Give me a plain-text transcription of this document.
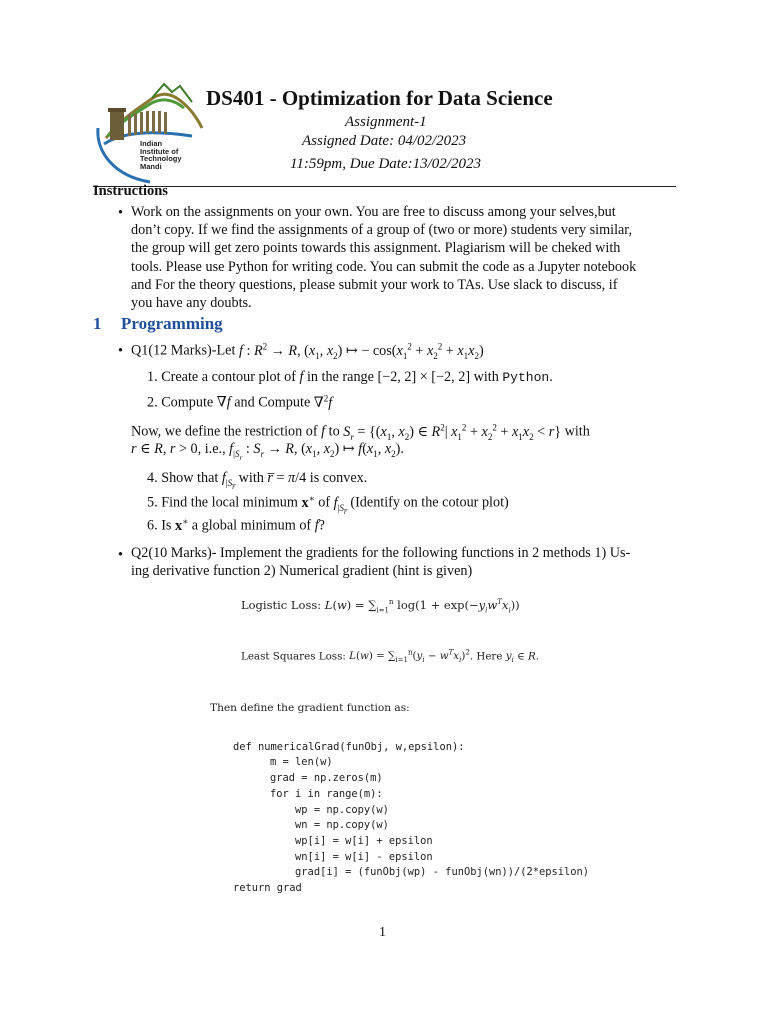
Indian
Institute of
Technology
Mandi
DS401 - Optimization for Data Science
Assignment-1
Assigned Date: 04/02/2023
11:59pm, Due Date:13/02/2023
Instructions
• Work on the assignments on your own. You are free to discuss among your selves,but
don’t copy. If we find the assignments of a group of (two or more) students very similar,
the group will get zero points towards this assignment. Plagiarism will be cheked with
tools. Please use Python for writing code. You can submit the code as a Jupyter notebook
and For the theory questions, please submit your work to TAs. Use slack to discuss, if
you have any doubts.
1 Programming
• Q1(12 Marks)-Let f : $R^2 \to R$, ($x_1$, $x_2$) ↦ − $\cos(x_1^2 + x_2^2 + x_1x_2)$
1. Create a contour plot of f in the range [−2, 2] × [−2, 2] with Python.
2. Compute ∇f and Compute ∇$^2$f
Now, we define the restriction of f to $S_r = \{(x_1$, $x_2$) ∈ $R^2|$ $x_1^2 + x_2^2 + x_1x_2 < r$} with
r ∈ R, r > 0, i.e., $f_{|S_r}$ : $S_r \to R$, ($x_1$, $x_2$) ↦ $f(x_1$, $x_2$).
4. Show that $f_{|S_{r̅}}$ with r̅ = π/4 is convex.
5. Find the local minimum x∗ of $f_{|S_{r̅}}$ (Identify on the cotour plot)
6. Is x∗ a global minimum of f?
• Q2(10 Marks)- Implement the gradients for the following functions in 2 methods 1) Us-
ing derivative function 2) Numerical gradient (hint is given)
Logistic Loss: $L(w) = \sum_{i=1}^n$ $\log(1 + \exp(-y_iw^Tx_i))$
Least Squares Loss: $L(w) = \sum_{i=1}^n(y_i - w^Tx_i)^2$. Here $y_i$ ∈ R.
Then define the gradient function as:

def numericalGrad(funObj, w,epsilon):
m = len(w)
grad = np.zeros(m)
for i in range(m):
wp = np.copy(w)
wn = np.copy(w)
wp[i] = w[i] + epsilon
wn[i] = w[i] - epsilon
grad[i] = (funObj(wp) - funObj(wn))/(2*epsilon)
return grad

1
